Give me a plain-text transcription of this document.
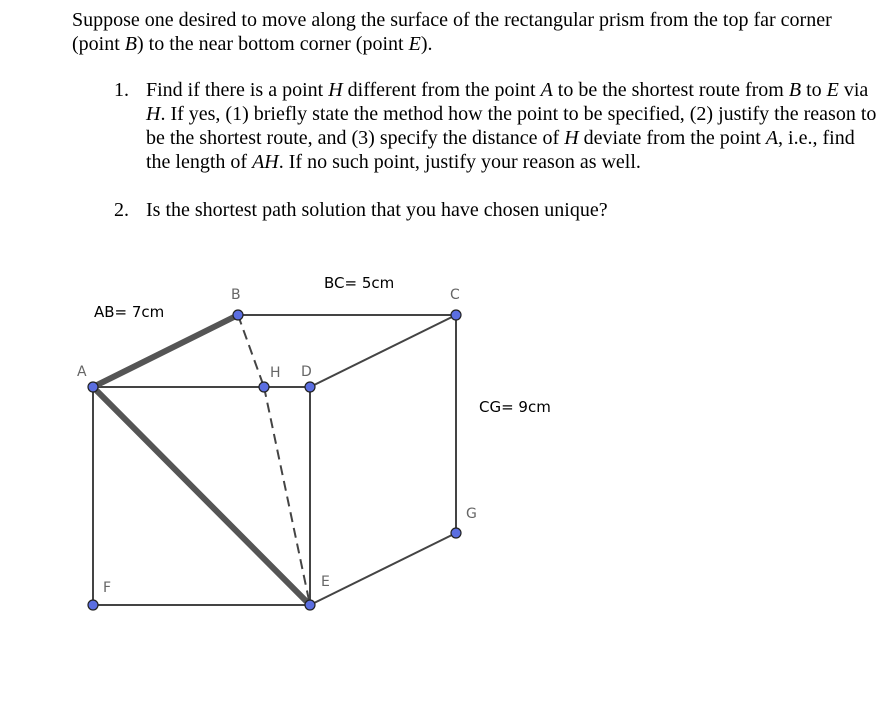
Suppose one desired to move along the surface of the rectangular prism from the top far corner (point B) to the near bottom corner (point E).

1. Find if there is a point H different from the point A to be the shortest route from B to E via H. If yes, (1) briefly state the method how the point to be specified, (2) justify the reason to be the shortest route, and (3) specify the distance of H deviate from the point A, i.e., find the length of AH. If no such point, justify your reason as well.
2. Is the shortest path solution that you have chosen unique?
A
B	C
D
E
F
G
H
AB= 7cm
BC= 5cm
CG= 9cm
